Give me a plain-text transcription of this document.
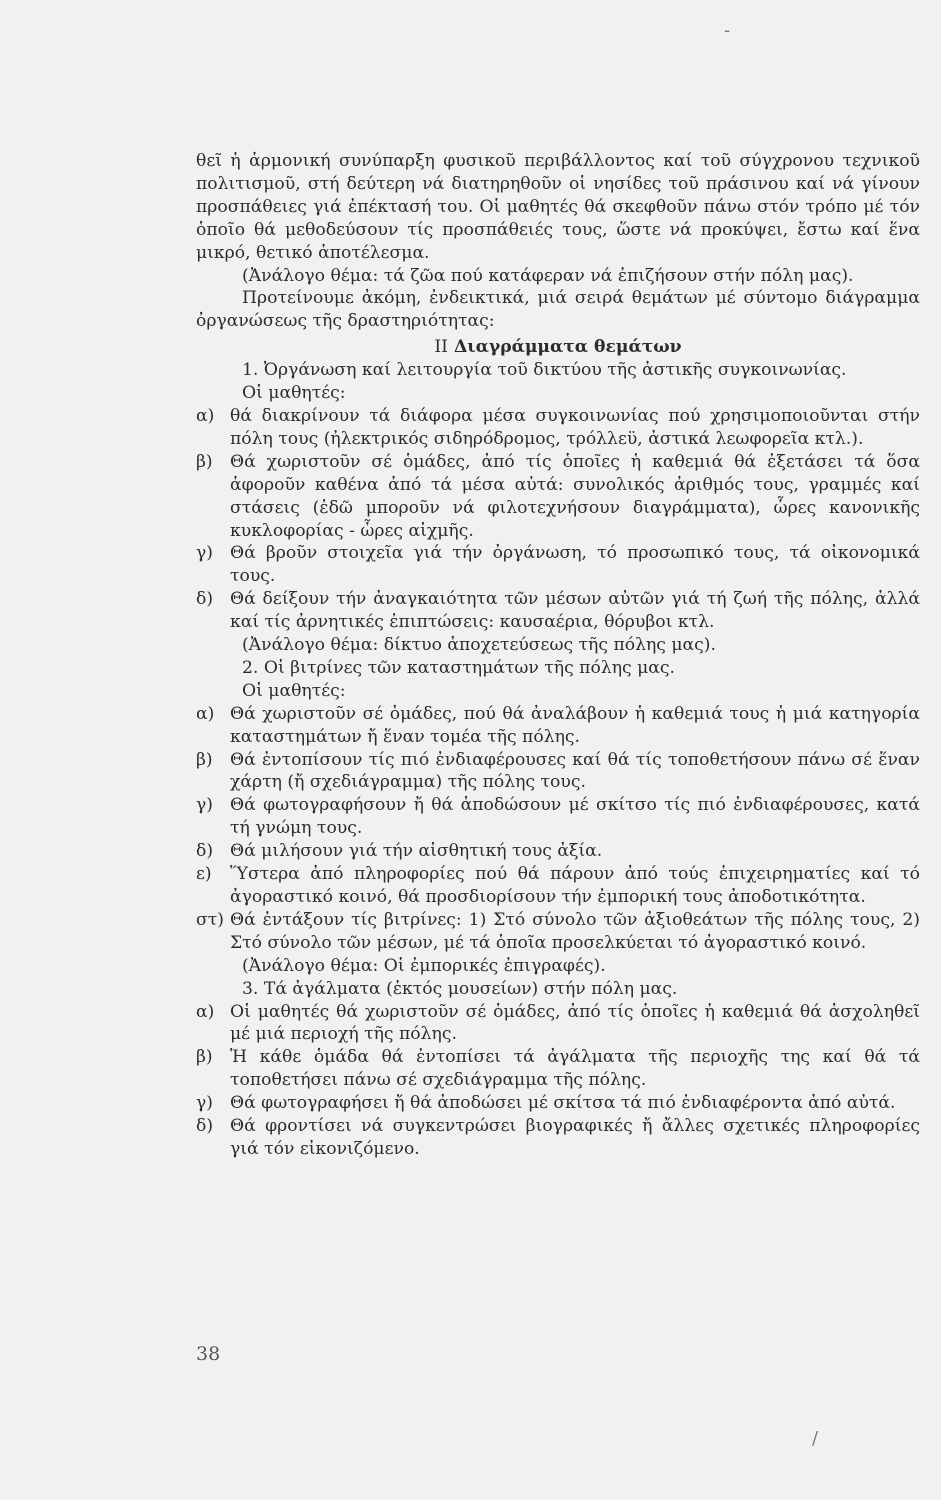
θεῖ ἡ ἁρμονική συνύπαρξη φυσικοῦ περιβάλλοντος καί τοῦ σύγχρονου τεχνικοῦ πολιτισμοῦ, στή δεύτερη νά διατηρηθοῦν οἱ νησίδες τοῦ πράσινου καί νά γίνουν προσπάθειες γιά ἐπέκτασή του. Οἱ μαθητές θά σκεφθοῦν πάνω στόν τρόπο μέ τόν ὁποῖο θά μεθοδεύσουν τίς προσπάθειές τους, ὥστε νά προκύψει, ἔστω καί ἕνα μικρό, θετικό ἀποτέλεσμα.
(Ἀνάλογο θέμα: τά ζῶα πού κατάφεραν νά ἐπιζήσουν στήν πόλη μας).
Προτείνουμε ἀκόμη, ἐνδεικτικά, μιά σειρά θεμάτων μέ σύντομο διάγραμμα ὀργανώσεως τῆς δραστηριότητας:
II Διαγράμματα θεμάτων
1. Ὀργάνωση καί λειτουργία τοῦ δικτύου τῆς ἀστικῆς συγκοινωνίας.
Οἱ μαθητές:
α) θά διακρίνουν τά διάφορα μέσα συγκοινωνίας πού χρησιμοποιοῦνται στήν πόλη τους (ἠλεκτρικός σιδηρόδρομος, τρόλλεϋ, ἀστικά λεωφορεῖα κτλ.).
β)	Θά χωριστοῦν σέ ὁμάδες, ἀπό τίς ὁποῖες ἡ καθεμιά θά ἐξετάσει τά ὅσα ἀφοροῦν καθένα ἀπό τά μέσα αὐτά: συνολικός ἀριθμός τους, γραμμές καί στάσεις (ἐδῶ μποροῦν νά φιλοτεχνήσουν διαγράμματα), ὧρες κανονικῆς κυκλοφορίας - ὧρες αἰχμῆς.
γ) Θά βροῦν στοιχεῖα γιά τήν ὀργάνωση, τό προσωπικό τους, τά οἰκονομικά τους.
δ) Θά δείξουν τήν ἀναγκαιότητα τῶν μέσων αὐτῶν γιά τή ζωή τῆς πόλης, ἀλλά καί τίς ἀρνητικές ἐπιπτώσεις: καυσαέρια, θόρυβοι κτλ.
(Ἀνάλογο θέμα: δίκτυο ἀποχετεύσεως τῆς πόλης μας).
2. Οἱ βιτρίνες τῶν καταστημάτων τῆς πόλης μας.
Οἱ μαθητές:
α) Θά χωριστοῦν σέ ὁμάδες, πού θά ἀναλάβουν ἡ καθεμιά τους ἡ μιά κατηγορία καταστημάτων ἤ ἕναν τομέα τῆς πόλης.
β)	Θά ἐντοπίσουν τίς πιό ἐνδιαφέρουσες καί θά τίς τοποθετήσουν πάνω σέ ἕναν χάρτη (ἤ σχεδιάγραμμα) τῆς πόλης τους.
γ) Θά φωτογραφήσουν ἤ θά ἀποδώσουν μέ σκίτσο τίς πιό ἐνδιαφέρουσες, κατά τή γνώμη τους.
δ) Θά μιλήσουν γιά τήν αἰσθητική τους ἀξία.
ε)	Ὕστερα ἀπό πληροφορίες πού θά πάρουν ἀπό τούς ἐπιχειρηματίες καί τό ἀγοραστικό κοινό, θά προσδιορίσουν τήν ἐμπορική τους ἀποδοτικότητα.
στ) Θά ἐντάξουν τίς βιτρίνες: 1) Στό σύνολο τῶν ἀξιοθεάτων τῆς πόλης τους, 2) Στό σύνολο τῶν μέσων, μέ τά ὁποῖα προσελκύεται τό ἀγοραστικό κοινό.
(Ἀνάλογο θέμα: Οἱ ἐμπορικές ἐπιγραφές).
3. Τά ἀγάλματα (ἐκτός μουσείων) στήν πόλη μας.
α) Οἱ μαθητές θά χωριστοῦν σέ ὁμάδες, ἀπό τίς ὁποῖες ἡ καθεμιά θά ἀσχοληθεῖ μέ μιά περιοχή τῆς πόλης.
β)	Ἡ κάθε ὁμάδα θά ἐντοπίσει τά ἀγάλματα τῆς περιοχῆς της καί θά τά τοποθετήσει πάνω σέ σχεδιάγραμμα τῆς πόλης.
γ) Θά φωτογραφήσει ἤ θά ἀποδώσει μέ σκίτσα τά πιό ἐνδιαφέροντα ἀπό αὐτά.
δ) Θά φροντίσει νά συγκεντρώσει βιογραφικές ἤ ἄλλες σχετικές πληροφορίες γιά τόν εἰκονιζόμενο.
38
-
/
